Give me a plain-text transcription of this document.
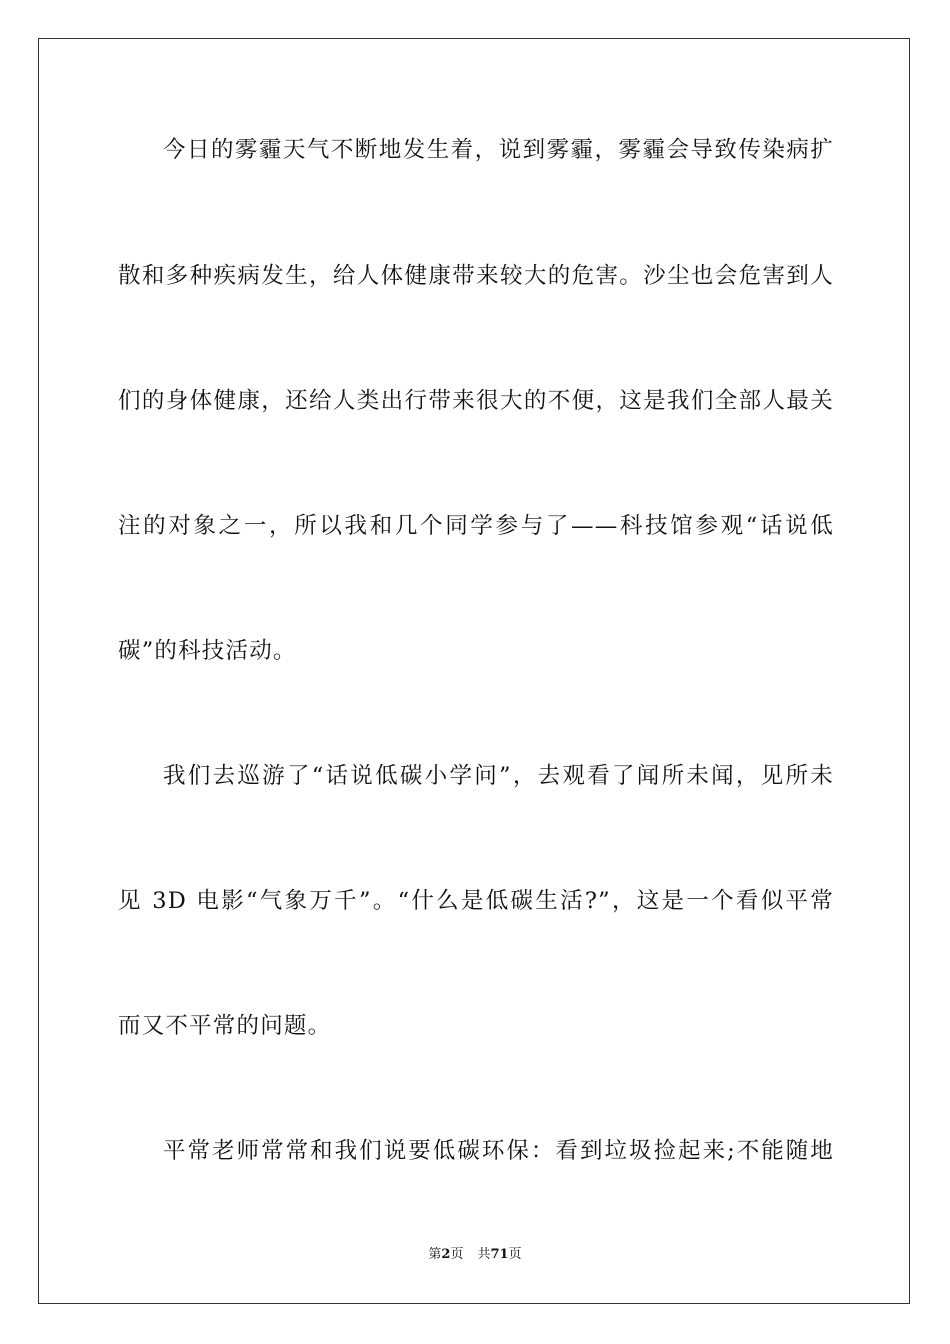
今日的雾霾天气不断地发生着，说到雾霾，雾霾会导致传染病扩
散和多种疾病发生，给人体健康带来较大的危害。沙尘也会危害到人
们的身体健康，还给人类出行带来很大的不便，这是我们全部人最关
注的对象之一，所以我和几个同学参与了——科技馆参观“话说低
碳”的科技活动。
我们去巡游了“话说低碳小学问”，去观看了闻所未闻，见所未
见 3D 电影“气象万千”。“什么是低碳生活?”，这是一个看似平常
而又不平常的问题。
平常老师常常和我们说要低碳环保：看到垃圾捡起来;不能随地
第2页 共71页
